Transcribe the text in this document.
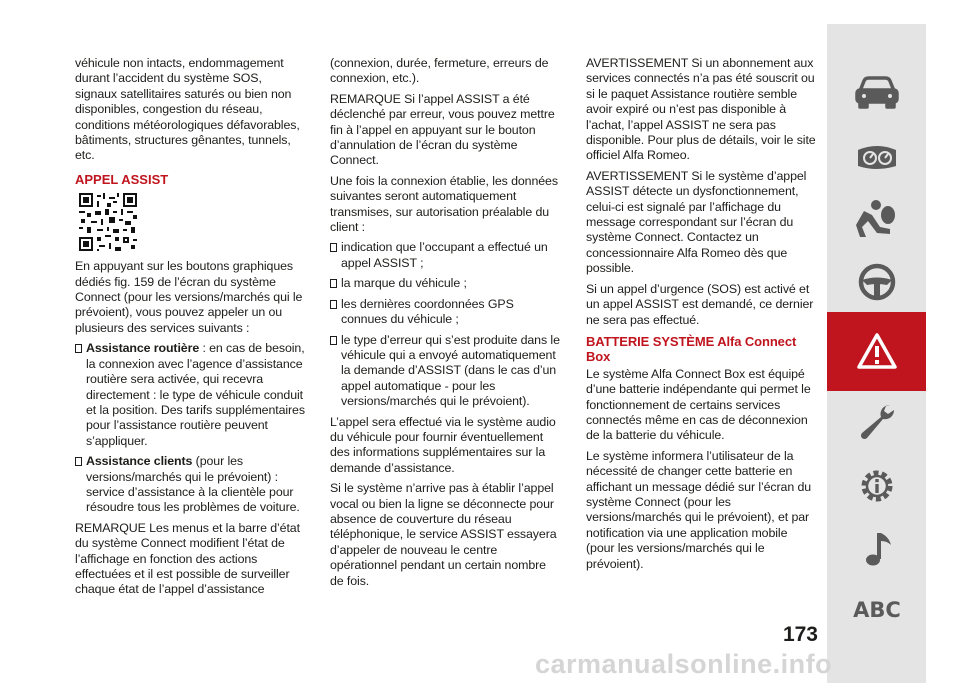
véhicule non intacts, endommagement durant l’accident du système SOS, signaux satellitaires saturés ou bien non disponibles, congestion du réseau, conditions météorologiques défavorables, bâtiments, structures gênantes, tunnels, etc.

APPEL ASSIST

En appuyant sur les boutons graphiques dédiés fig. 159 de l’écran du système Connect (pour les versions/marchés qui le prévoient), vous pouvez appeler un ou plusieurs des services suivants :

Assistance routière : en cas de besoin, la connexion avec l’agence d’assistance routière sera activée, qui recevra directement : le type de véhicule conduit et la position. Des tarifs supplémentaires pour l’assistance routière peuvent s’appliquer.

Assistance clients (pour les versions/marchés qui le prévoient) : service d’assistance à la clientèle pour résoudre tous les problèmes de voiture.

REMARQUE Les menus et la barre d’état du système Connect modifient l’état de l’affichage en fonction des actions effectuées et il est possible de surveiller chaque état de l’appel d’assistance

(connexion, durée, fermeture, erreurs de connexion, etc.).

REMARQUE Si l’appel ASSIST a été déclenché par erreur, vous pouvez mettre fin à l’appel en appuyant sur le bouton d’annulation de l’écran du système Connect.

Une fois la connexion établie, les données suivantes seront automatiquement transmises, sur autorisation préalable du client :

indication que l’occupant a effectué un appel ASSIST ;

la marque du véhicule ;

les dernières coordonnées GPS connues du véhicule ;

le type d’erreur qui s’est produite dans le véhicule qui a envoyé automatiquement la demande d’ASSIST (dans le cas d’un appel automatique - pour les versions/marchés qui le prévoient).

L’appel sera effectué via le système audio du véhicule pour fournir éventuellement des informations supplémentaires sur la demande d’assistance.

Si le système n’arrive pas à établir l’appel vocal ou bien la ligne se déconnecte pour absence de couverture du réseau téléphonique, le service ASSIST essayera d’appeler de nouveau le centre opérationnel pendant un certain nombre de fois.

AVERTISSEMENT Si un abonnement aux services connectés n’a pas été souscrit ou si le paquet Assistance routière semble avoir expiré ou n’est pas disponible à l’achat, l’appel ASSIST ne sera pas disponible. Pour plus de détails, voir le site officiel Alfa Romeo.

AVERTISSEMENT Si le système d’appel ASSIST détecte un dysfonctionnement, celui-ci est signalé par l’affichage du message correspondant sur l’écran du système Connect. Contactez un concessionnaire Alfa Romeo dès que possible.

Si un appel d’urgence (SOS) est activé et un appel ASSIST est demandé, ce dernier ne sera pas effectué.

BATTERIE SYSTÈME Alfa Connect Box

Le système Alfa Connect Box est équipé d’une batterie indépendante qui permet le fonctionnement de certains services connectés même en cas de déconnexion de la batterie du véhicule.

Le système informera l’utilisateur de la nécessité de changer cette batterie en affichant un message dédié sur l’écran du système Connect (pour les versions/marchés qui le prévoient), et par notification via une application mobile (pour les versions/marchés qui le prévoient).

ABC
173
carmanualsonline.info
